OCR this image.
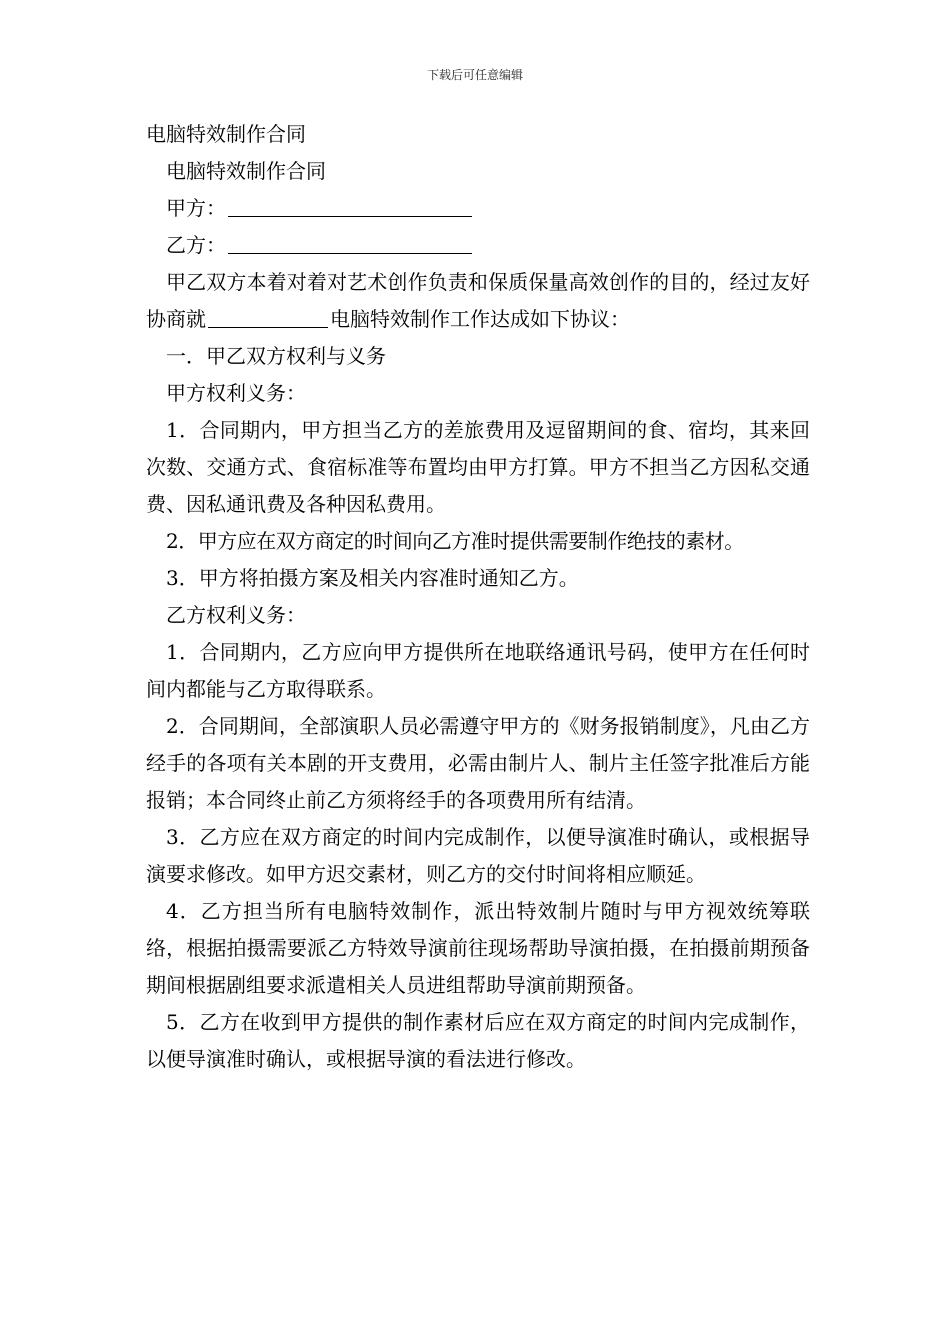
下载后可任意编辑
电脑特效制作合同
电脑特效制作合同
甲方：
乙方：
甲乙双方本着对着对艺术创作负责和保质保量高效创作的目的，经过友好协商就	电脑特效制作工作达成如下协议：
一．甲乙双方权利与义务
甲方权利义务：
1．合同期内，甲方担当乙方的差旅费用及逗留期间的食、宿均，其来回次数、交通方式、食宿标准等布置均由甲方打算。甲方不担当乙方因私交通费、因私通讯费及各种因私费用。
2．甲方应在双方商定的时间向乙方准时提供需要制作绝技的素材。
3．甲方将拍摄方案及相关内容准时通知乙方。
乙方权利义务：
1．合同期内，乙方应向甲方提供所在地联络通讯号码，使甲方在任何时间内都能与乙方取得联系。
2．合同期间，全部演职人员必需遵守甲方的《财务报销制度》，凡由乙方经手的各项有关本剧的开支费用，必需由制片人、制片主任签字批准后方能报销；本合同终止前乙方须将经手的各项费用所有结清。
3．乙方应在双方商定的时间内完成制作，以便导演准时确认，或根据导演要求修改。如甲方迟交素材，则乙方的交付时间将相应顺延。
4．乙方担当所有电脑特效制作，派出特效制片随时与甲方视效统筹联络，根据拍摄需要派乙方特效导演前往现场帮助导演拍摄，在拍摄前期预备期间根据剧组要求派遣相关人员进组帮助导演前期预备。
5．乙方在收到甲方提供的制作素材后应在双方商定的时间内完成制作，以便导演准时确认，或根据导演的看法进行修改。
